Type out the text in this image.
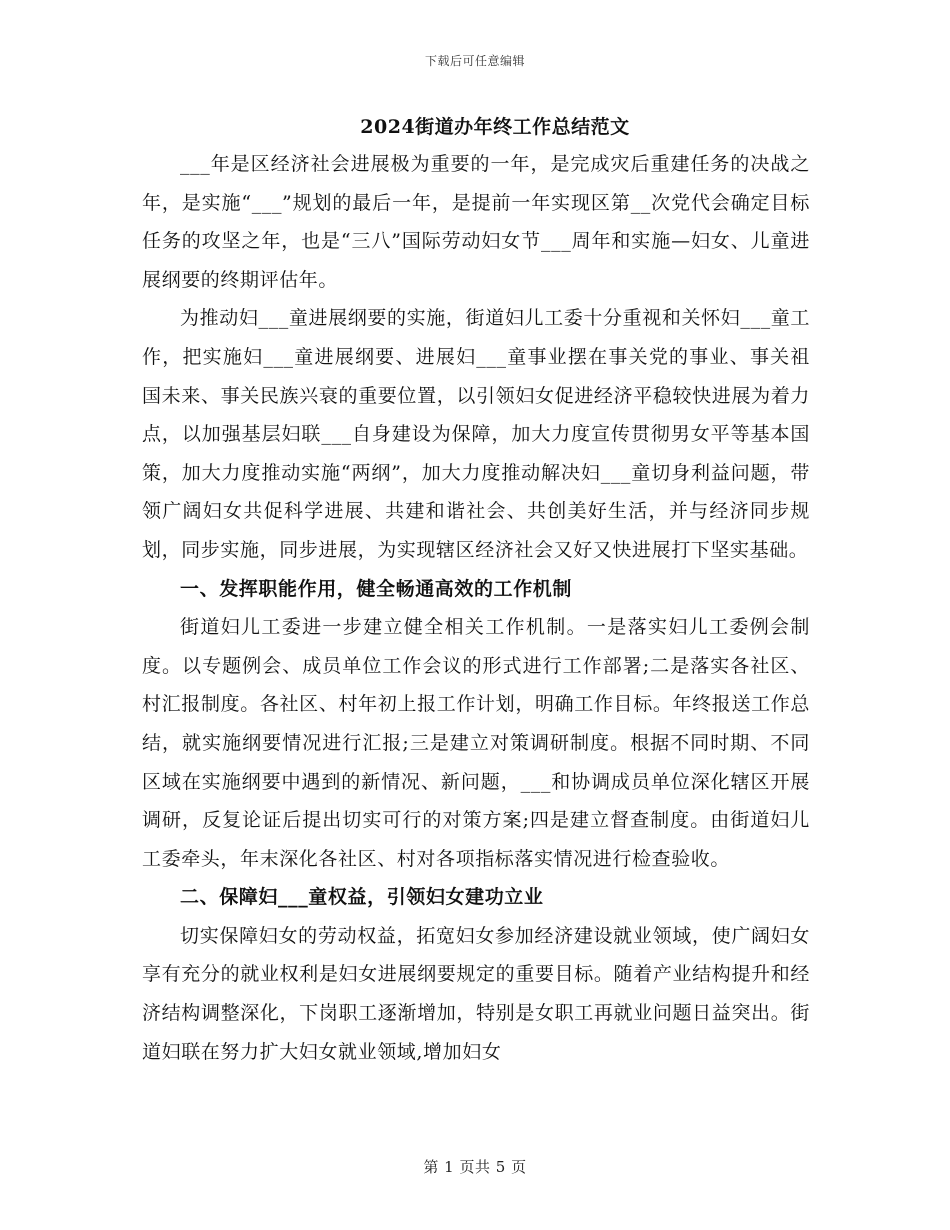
下载后可任意编辑
2024街道办年终工作总结范文

___年是区经济社会进展极为重要的一年，是完成灾后重建任务的决战之年，是实施“___”规划的最后一年，是提前一年实现区第__次党代会确定目标任务的攻坚之年，也是“三八”国际劳动妇女节___周年和实施—妇女、儿童进展纲要的终期评估年。

为推动妇___童进展纲要的实施，街道妇儿工委十分重视和关怀妇___童工作，把实施妇___童进展纲要、进展妇___童事业摆在事关党的事业、事关祖国未来、事关民族兴衰的重要位置，以引领妇女促进经济平稳较快进展为着力点，以加强基层妇联___自身建设为保障，加大力度宣传贯彻男女平等基本国策，加大力度推动实施“两纲”，加大力度推动解决妇___童切身利益问题，带领广阔妇女共促科学进展、共建和谐社会、共创美好生活，并与经济同步规划，同步实施，同步进展，为实现辖区经济社会又好又快进展打下坚实基础。

一、发挥职能作用，健全畅通高效的工作机制

街道妇儿工委进一步建立健全相关工作机制。一是落实妇儿工委例会制度。以专题例会、成员单位工作会议的形式进行工作部署;二是落实各社区、村汇报制度。各社区、村年初上报工作计划，明确工作目标。年终报送工作总结，就实施纲要情况进行汇报;三是建立对策调研制度。根据不同时期、不同区域在实施纲要中遇到的新情况、新问题，___和协调成员单位深化辖区开展调研，反复论证后提出切实可行的对策方案;四是建立督查制度。由街道妇儿工委牵头，年末深化各社区、村对各项指标落实情况进行检查验收。

二、保障妇___童权益，引领妇女建功立业

切实保障妇女的劳动权益，拓宽妇女参加经济建设就业领域，使广阔妇女享有充分的就业权利是妇女进展纲要规定的重要目标。随着产业结构提升和经济结构调整深化，下岗职工逐渐增加，特别是女职工再就业问题日益突出。街道妇联在努力扩大妇女就业领域,增加妇女

第 1 页共 5 页
